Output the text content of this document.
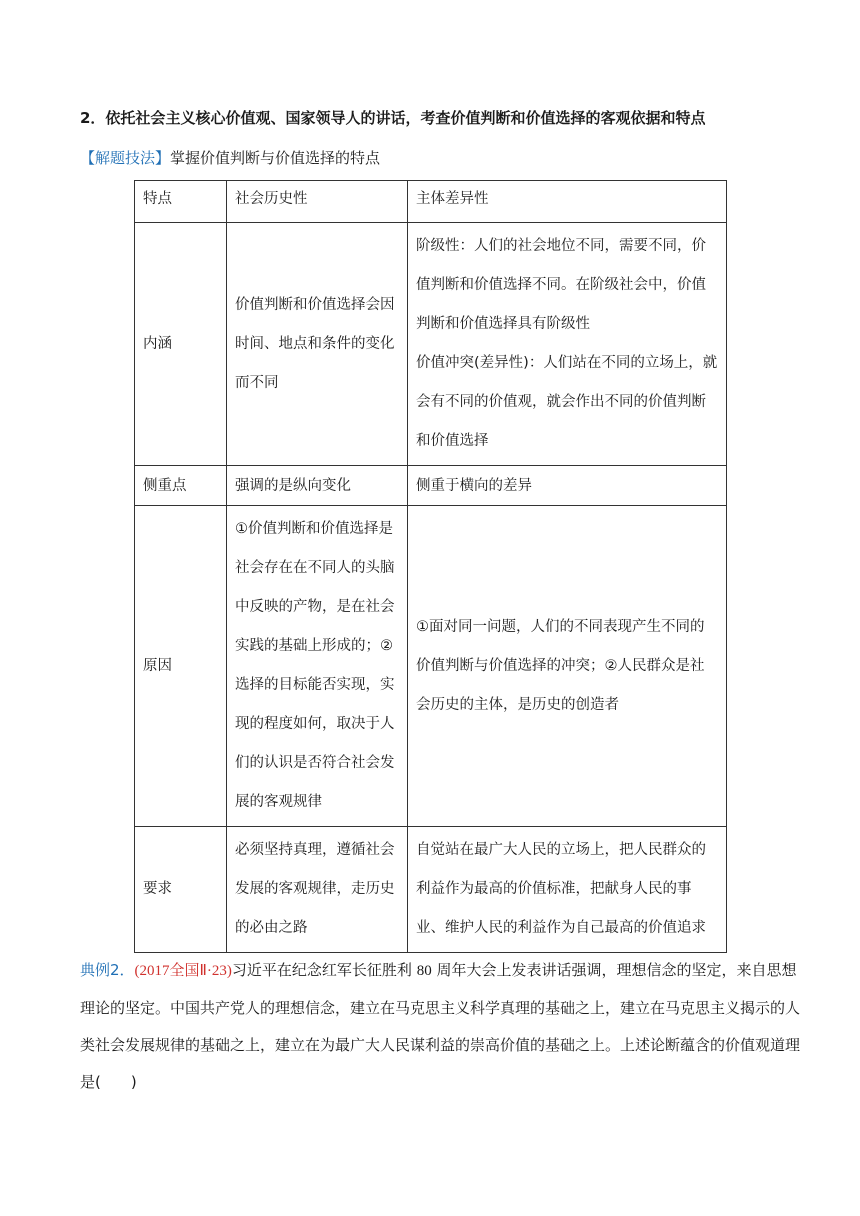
2．依托社会主义核心价值观、国家领导人的讲话，考查价值判断和价值选择的客观依据和特点
【解题技法】掌握价值判断与价值选择的特点
特点	社会历史性	主体差异性
内涵	价值判断和价值选择会因时间、地点和条件的变化而不同	阶级性：人们的社会地位不同，需要不同，价值判断和价值选择不同。在阶级社会中，价值判断和价值选择具有阶级性
价值冲突(差异性)：人们站在不同的立场上，就会有不同的价值观，就会作出不同的价值判断和价值选择

侧重点	强调的是纵向变化	侧重于横向的差异
原因	①价值判断和价值选择是社会存在在不同人的头脑中反映的产物，是在社会实践的基础上形成的；②选择的目标能否实现，实现的程度如何，取决于人们的认识是否符合社会发展的客观规律	①面对同一问题，人们的不同表现产生不同的价值判断与价值选择的冲突；②人民群众是社会历史的主体，是历史的创造者
要求	必须坚持真理，遵循社会发展的客观规律，走历史的必由之路	自觉站在最广大人民的立场上，把人民群众的利益作为最高的价值标准，把献身人民的事业、维护人民的利益作为自己最高的价值追求
典例2．(2017全国Ⅱ·23)习近平在纪念红军长征胜利 80 周年大会上发表讲话强调，理想信念的坚定，来自思想理论的坚定。中国共产党人的理想信念，建立在马克思主义科学真理的基础之上，建立在马克思主义揭示的人类社会发展规律的基础之上，建立在为最广大人民谋利益的崇高价值的基础之上。上述论断蕴含的价值观道理是( )
